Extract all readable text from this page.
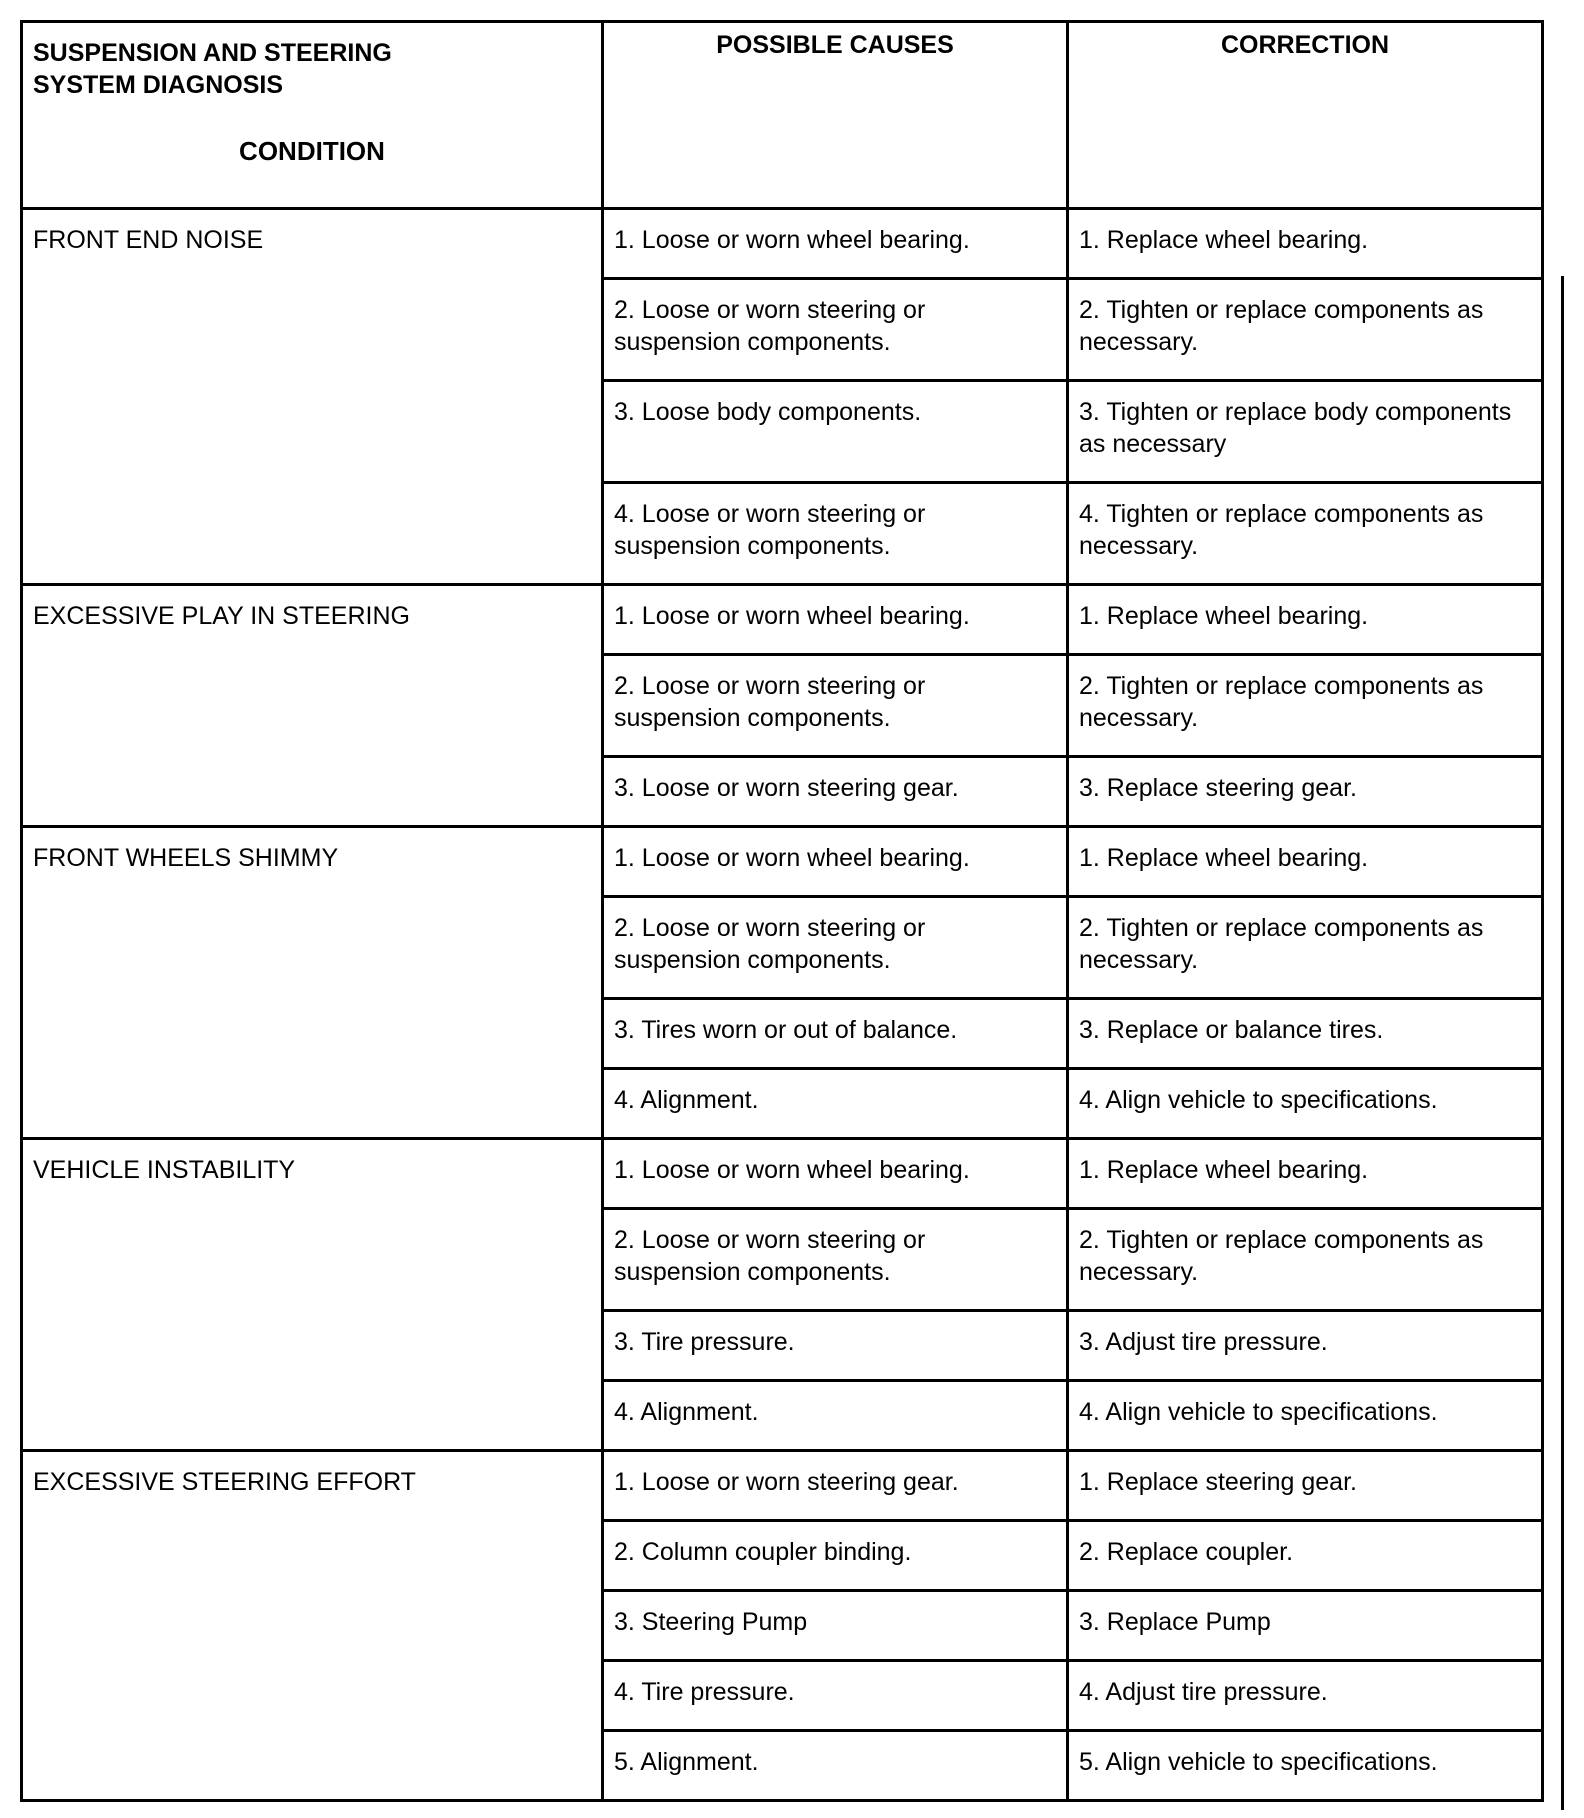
SUSPENSION AND STEERING
SYSTEM DIAGNOSIS
CONDITION	POSSIBLE CAUSES	CORRECTION
FRONT END NOISE	1. Loose or worn wheel bearing.	1. Replace wheel bearing.
	2. Loose or worn steering or suspension components.	2. Tighten or replace components as necessary.
	3. Loose body components.	3. Tighten or replace body components as necessary
	4. Loose or worn steering or suspension components.	4. Tighten or replace components as necessary.
EXCESSIVE PLAY IN STEERING	1. Loose or worn wheel bearing.	1. Replace wheel bearing.
	2. Loose or worn steering or suspension components.	2. Tighten or replace components as necessary.
	3. Loose or worn steering gear.	3. Replace steering gear.
FRONT WHEELS SHIMMY	1. Loose or worn wheel bearing.	1. Replace wheel bearing.
	2. Loose or worn steering or suspension components.	2. Tighten or replace components as necessary.
	3. Tires worn or out of balance.	3. Replace or balance tires.
	4. Alignment.	4. Align vehicle to specifications.
VEHICLE INSTABILITY	1. Loose or worn wheel bearing.	1. Replace wheel bearing.
	2. Loose or worn steering or suspension components.	2. Tighten or replace components as necessary.
	3. Tire pressure.	3. Adjust tire pressure.
	4. Alignment.	4. Align vehicle to specifications.
EXCESSIVE STEERING EFFORT	1. Loose or worn steering gear.	1. Replace steering gear.
	2. Column coupler binding.	2. Replace coupler.
	3. Steering Pump	3. Replace Pump
	4. Tire pressure.	4. Adjust tire pressure.
	5. Alignment.	5. Align vehicle to specifications.
